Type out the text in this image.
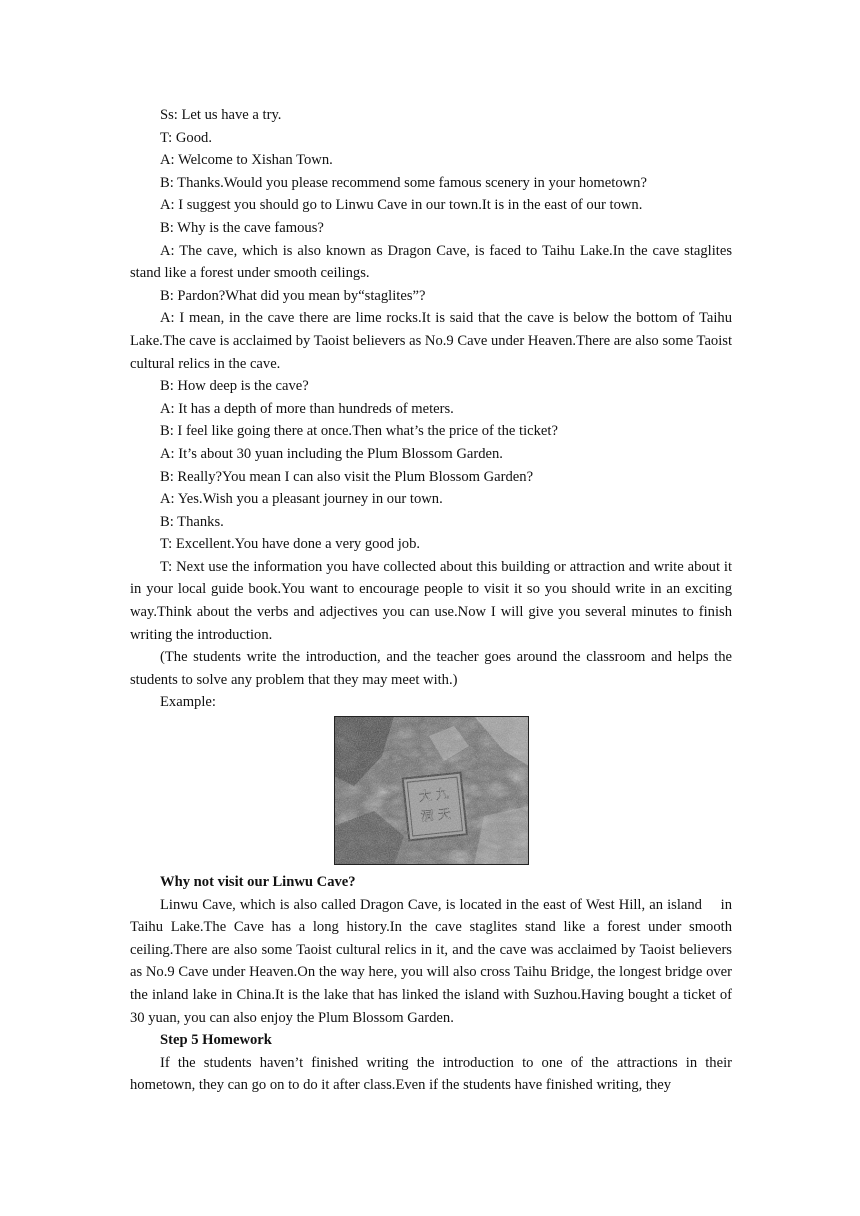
Ss: Let us have a try.

T: Good.

A: Welcome to Xishan Town.

B: Thanks.Would you please recommend some famous scenery in your hometown?

A: I suggest you should go to Linwu Cave in our town.It is in the east of our town.

B: Why is the cave famous?

A: The cave, which is also known as Dragon Cave, is faced to Taihu Lake.In the cave staglites stand like a forest under smooth ceilings.

B: Pardon?What did you mean by“staglites”?

A: I mean, in the cave there are lime rocks.It is said that the cave is below the bottom of Taihu Lake.The cave is acclaimed by Taoist believers as No.9 Cave under Heaven.There are also some Taoist cultural relics in the cave.

B: How deep is the cave?

A: It has a depth of more than hundreds of meters.

B: I feel like going there at once.Then what’s the price of the ticket?

A: It’s about 30 yuan including the Plum Blossom Garden.

B: Really?You mean I can also visit the Plum Blossom Garden?

A: Yes.Wish you a pleasant journey in our town.

B: Thanks.

T: Excellent.You have done a very good job.

T: Next use the information you have collected about this building or attraction and write about it in your local guide book.You want to encourage people to visit it so you should write in an exciting way.Think about the verbs and adjectives you can use.Now I will give you several minutes to finish writing the introduction.

(The students write the introduction, and the teacher goes around the classroom and helps the students to solve any problem that they may meet with.)

Example:

Why not visit our Linwu Cave?

Linwu Cave, which is also called Dragon Cave, is located in the east of West Hill, an island  in Taihu Lake.The Cave has a long history.In the cave staglites stand like a forest under smooth ceiling.There are also some Taoist cultural relics in it, and the cave was acclaimed by Taoist believers as No.9 Cave under Heaven.On the way here, you will also cross Taihu Bridge, the longest bridge over the inland lake in China.It is the lake that has linked the island with Suzhou.Having bought a ticket of 30 yuan, you can also enjoy the Plum Blossom Garden.

Step 5 Homework

If the students haven’t finished writing the introduction to one of the attractions in their hometown, they can go on to do it after class.Even if the students have finished writing, they
